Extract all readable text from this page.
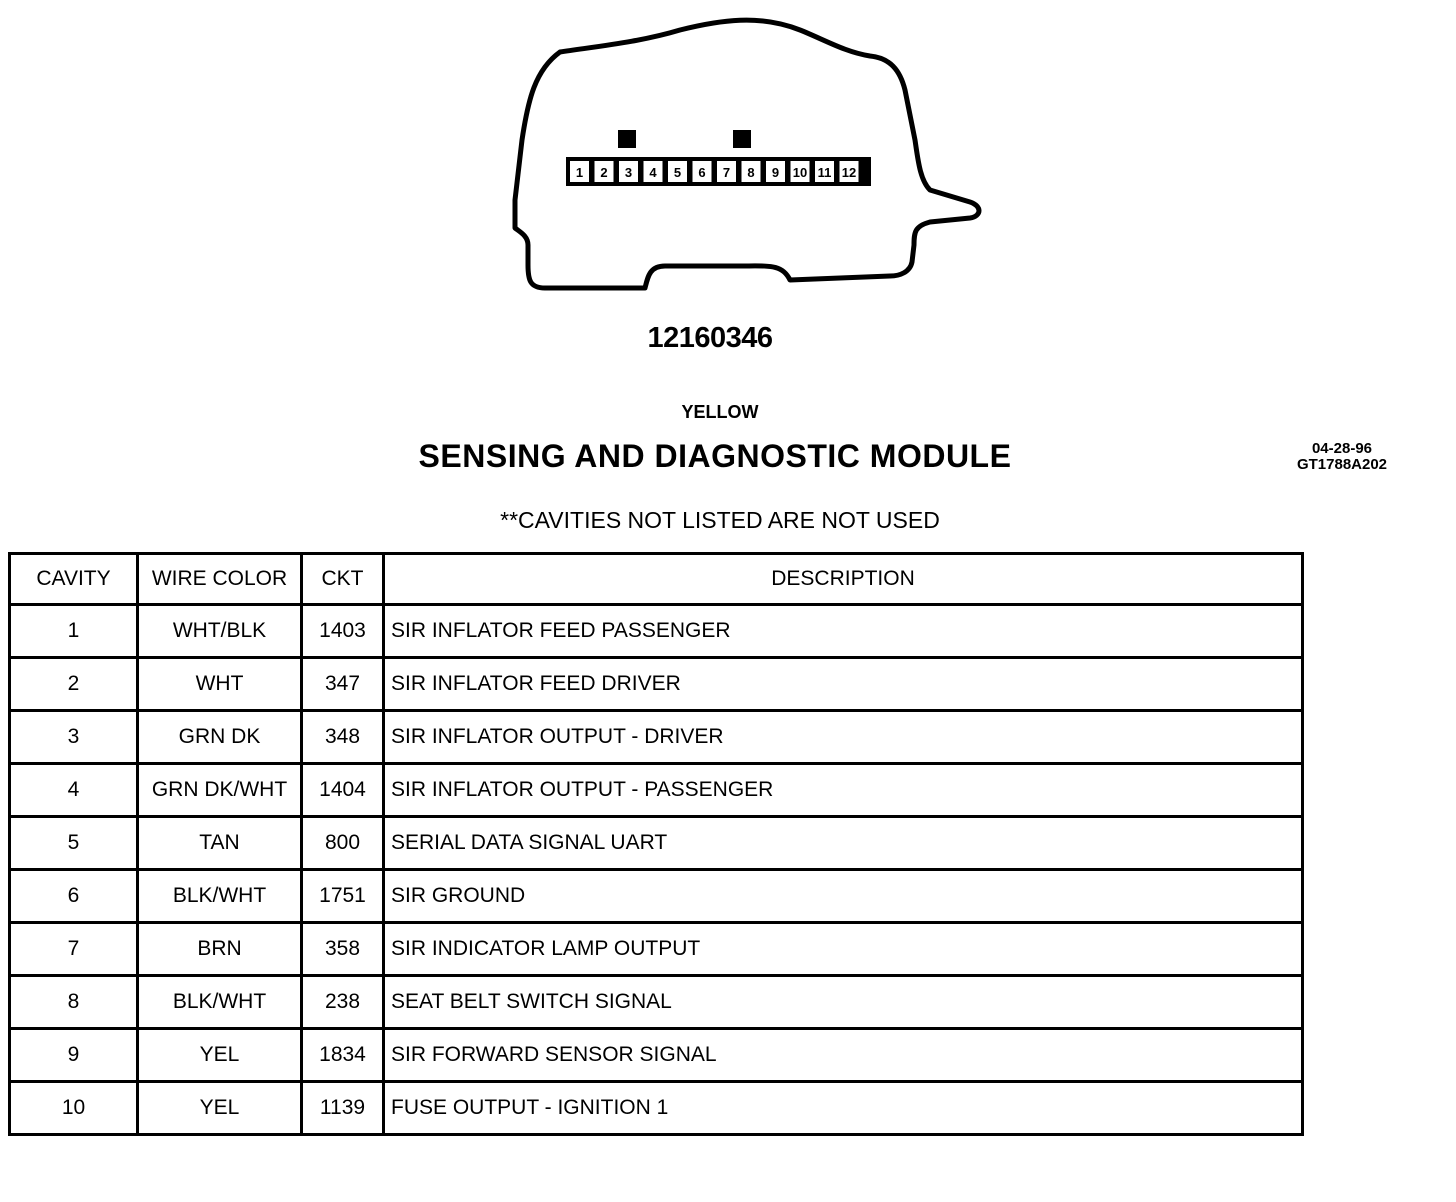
1 2 3 4 5 6 7 8 9 10 11 12
12160346
YELLOW
SENSING AND DIAGNOSTIC MODULE	04-28-96
GT1788A202
**CAVITIES NOT LISTED ARE NOT USED
CAVITY	WIRE COLOR	CKT	DESCRIPTION
1	WHT/BLK	1403	SIR INFLATOR FEED PASSENGER
2	WHT	347	SIR INFLATOR FEED DRIVER
3	GRN DK	348	SIR INFLATOR OUTPUT - DRIVER
4	GRN DK/WHT	1404	SIR INFLATOR OUTPUT - PASSENGER
5	TAN	800	SERIAL DATA SIGNAL UART
6	BLK/WHT	1751	SIR GROUND
7	BRN	358	SIR INDICATOR LAMP OUTPUT
8	BLK/WHT	238	SEAT BELT SWITCH SIGNAL
9	YEL	1834	SIR FORWARD SENSOR SIGNAL
10	YEL	1139	FUSE OUTPUT - IGNITION 1
